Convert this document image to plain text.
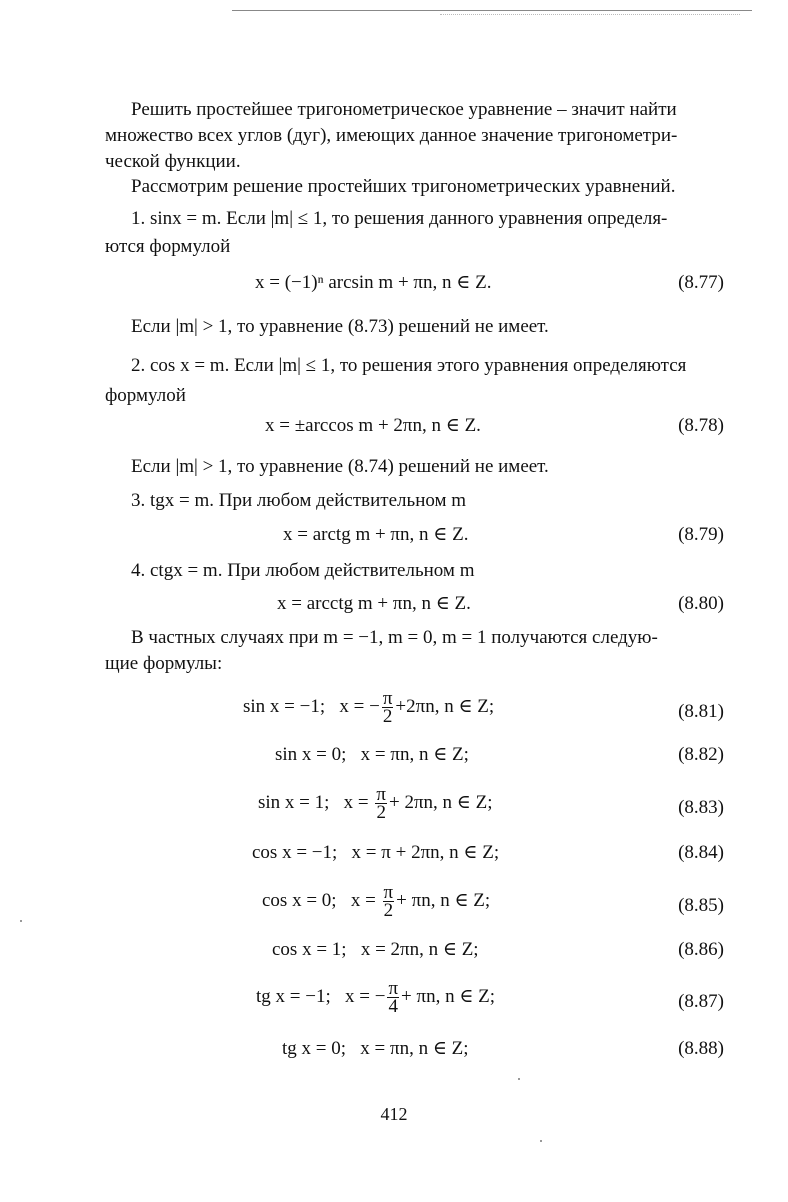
Решить простейшее тригонометрическое уравнение – значит найти
множество всех углов (дуг), имеющих данное значение тригонометри-
ческой функции.
Рассмотрим решение простейших тригонометрических уравнений.
1. sinx = m. Если |m| ≤ 1, то решения данного уравнения определя-
ются формулой
x = (−1)ⁿ arcsin m + πn, n ∈ Z.	(8.77)
Если |m| > 1, то уравнение (8.73) решений не имеет.
2. cos x = m. Если |m| ≤ 1, то решения этого уравнения определяются
формулой
x = ±arccos m + 2πn, n ∈ Z.	(8.78)
Если |m| > 1, то уравнение (8.74) решений не имеет.
3. tgx = m. При любом действительном m
x = arctg m + πn, n ∈ Z.	(8.79)
4. ctgx = m. При любом действительном m
x = arcctg m + πn, n ∈ Z.	(8.80)
В частных случаях при m = −1, m = 0, m = 1 получаются следую-
щие формулы:
sin x = −1; x = − $\frac{\pi}{2} +2\pi n$, n ∈ Z;	(8.81)
sin x = 0; x = πn, n ∈ Z;	(8.82)
sin x = 1; $x = \frac{\pi}{2} + 2\pi n$, n ∈ Z;	(8.83)
cos x = −1; x = π + 2πn, n ∈ Z;	(8.84)
cos x = 0; $x = \frac{\pi}{2} + \pi n$, n ∈ Z;	(8.85)
cos x = 1; x = 2πn, n ∈ Z;	(8.86)
tg x = −1; x = − $\frac{\pi}{4} + \pi n$, n ∈ Z;	(8.87)
tg x = 0; x = πn, n ∈ Z;	(8.88)
412
